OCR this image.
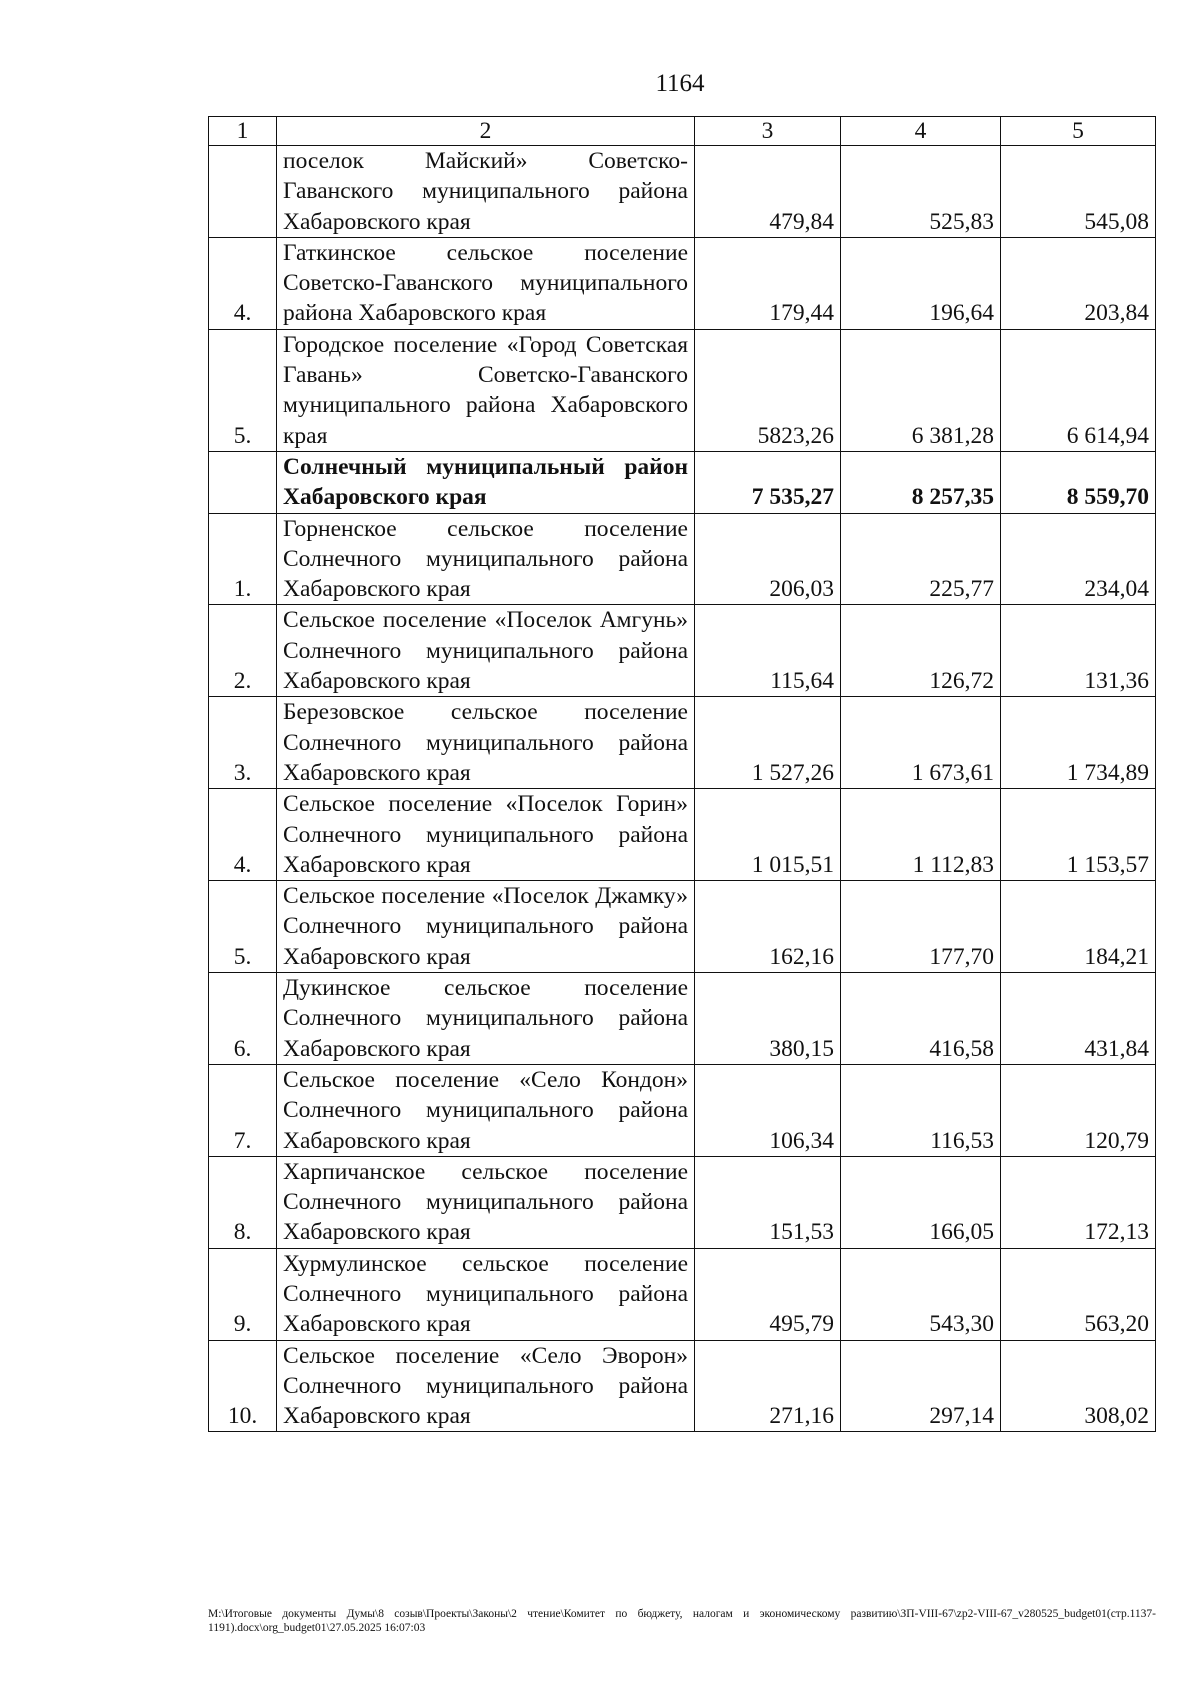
1164
1	2	3	4	5
	поселок Майский» Советско-Гаванского муниципального района Хабаровского края	479,84	525,83	545,08
4.	Гаткинское сельское поселение Советско-Гаванского муниципального района Хабаровского края	179,44	196,64	203,84
5.	Городское поселение «Город Советская Гавань» Советско-Гаванского муниципального района Хабаровского края	5823,26	6 381,28	6 614,94
	Солнечный муниципальный район Хабаровского края	7 535,27	8 257,35	8 559,70
1.	Горненское сельское поселение Солнечного муниципального района Хабаровского края	206,03	225,77	234,04
2.	Сельское поселение «Поселок Амгунь» Солнечного муниципального района Хабаровского края	115,64	126,72	131,36
3.	Березовское сельское поселение Солнечного муниципального района Хабаровского края	1 527,26	1 673,61	1 734,89
4.	Сельское поселение «Поселок Горин» Солнечного муниципального района Хабаровского края	1 015,51	1 112,83	1 153,57
5.	Сельское поселение «Поселок Джамку» Солнечного муниципального района Хабаровского края	162,16	177,70	184,21
6.	Дукинское сельское поселение Солнечного муниципального района Хабаровского края	380,15	416,58	431,84
7.	Сельское поселение «Село Кондон» Солнечного муниципального района Хабаровского края	106,34	116,53	120,79
8.	Харпичанское сельское поселение Солнечного муниципального района Хабаровского края	151,53	166,05	172,13
9.	Хурмулинское сельское поселение Солнечного муниципального района Хабаровского края	495,79	543,30	563,20
10.	Сельское поселение «Село Эворон» Солнечного муниципального района Хабаровского края	271,16	297,14	308,02
M:\Итоговые документы Думы\8 созыв\Проекты\Законы\2 чтение\Комитет по бюджету, налогам и экономическому развитию\ЗП-VIII-67\zp2-VIII-67_v280525_budget01(стр.1137-1191).docx\org_budget01\27.05.2025 16:07:03
